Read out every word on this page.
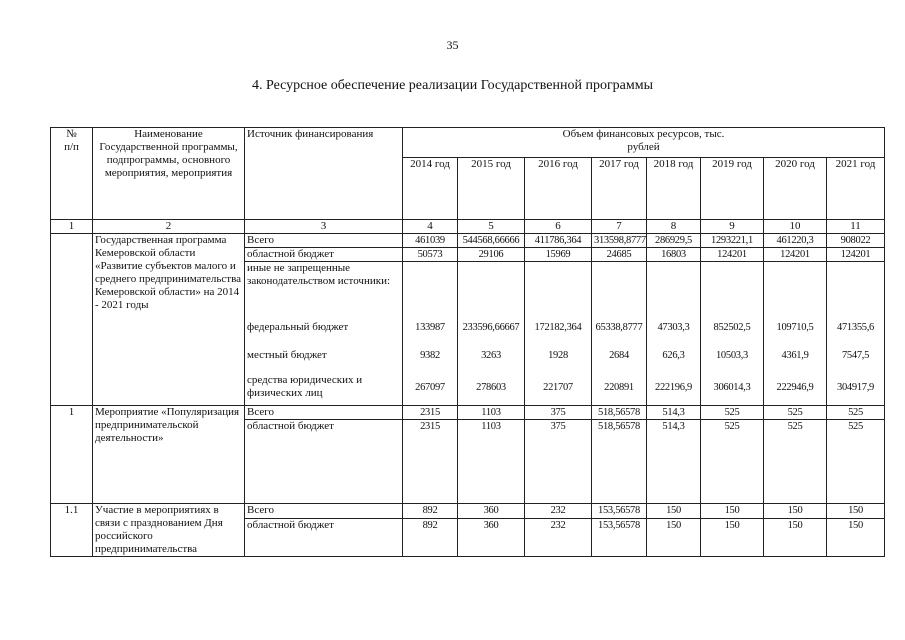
35
4. Ресурсное обеспечение реализации Государственной программы
№
п/п	Наименование Государственной программы, подпрограммы, основного мероприятия, мероприятия	Источник финансирования	Объем финансовых ресурсов, тыс. рублей							
			2014 год	2015 год	2016 год	2017 год	2018 год	2019 год	2020 год	2021 год
1	2	3	4	5	6	7	8	9	10	11
	Государственная программа Кемеровской области «Развитие субъектов малого и среднего предпринимательства Кемеровской области» на 2014 - 2021 годы	Всего	461039	544568,66666	411786,364	313598,8777	286929,5	1293221,1	461220,3	908022
		областной бюджет	50573	29106	15969	24685	16803	124201	124201	124201
		иные не запрещенные законодательством источники:								
		федеральный бюджет	133987	233596,66667	172182,364	65338,8777	47303,3	852502,5	109710,5	471355,6
		местный бюджет	9382	3263	1928	2684	626,3	10503,3	4361,9	7547,5
		средства юридических и физических лиц	267097	278603	221707	220891	222196,9	306014,3	222946,9	304917,9
1	Мероприятие «Популяризация предпринимательской деятельности»	Всего	2315	1103	375	518,56578	514,3	525	525	525
		областной бюджет	2315	1103	375	518,56578	514,3	525	525	525
1.1	Участие в мероприятиях в связи с празднованием Дня российского предпринимательства	Всего	892	360	232	153,56578	150	150	150	150
		областной бюджет	892	360	232	153,56578	150	150	150	150
